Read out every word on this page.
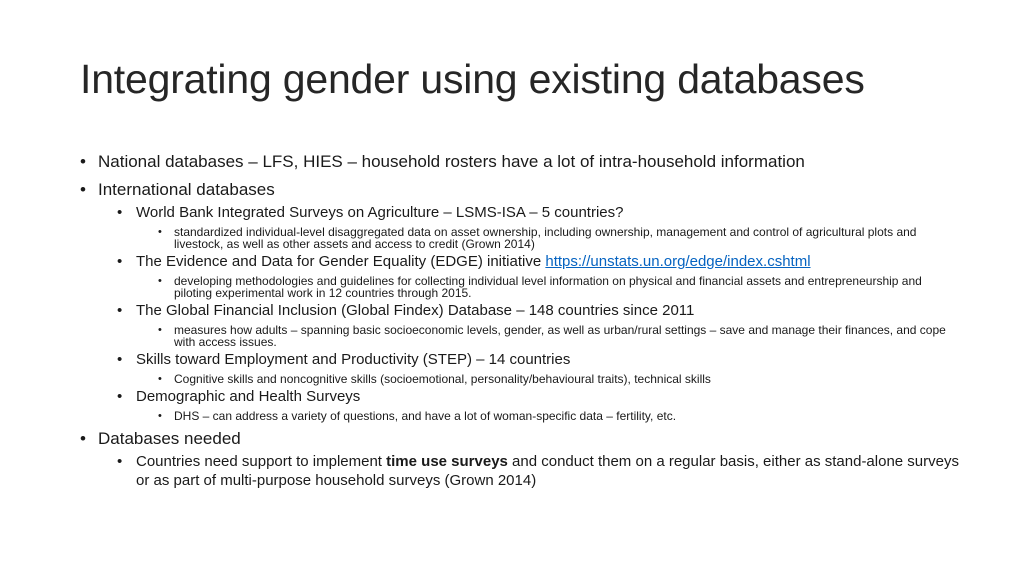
Integrating gender using existing databases
• National databases – LFS, HIES – household rosters have a lot of intra-household information
• International databases
• World Bank Integrated Surveys on Agriculture – LSMS-ISA – 5 countries?
• standardized individual-level disaggregated data on asset ownership, including ownership, management and control of agricultural plots and livestock, as well as other assets and access to credit (Grown 2014)
• The Evidence and Data for Gender Equality (EDGE) initiative https://unstats.un.org/edge/index.cshtml
• developing methodologies and guidelines for collecting individual level information on physical and financial assets and entrepreneurship and piloting experimental work in 12 countries through 2015.
• The Global Financial Inclusion (Global Findex) Database – 148 countries since 2011
• measures how adults – spanning basic socioeconomic levels, gender, as well as urban/rural settings – save and manage their finances, and cope with access issues.
• Skills toward Employment and Productivity (STEP) – 14 countries
• Cognitive skills and noncognitive skills (socioemotional, personality/behavioural traits), technical skills
• Demographic and Health Surveys
• DHS – can address a variety of questions, and have a lot of woman-specific data – fertility, etc.
• Databases needed
• Countries need support to implement time use surveys and conduct them on a regular basis, either as stand-alone surveys or as part of multi-purpose household surveys (Grown 2014)
